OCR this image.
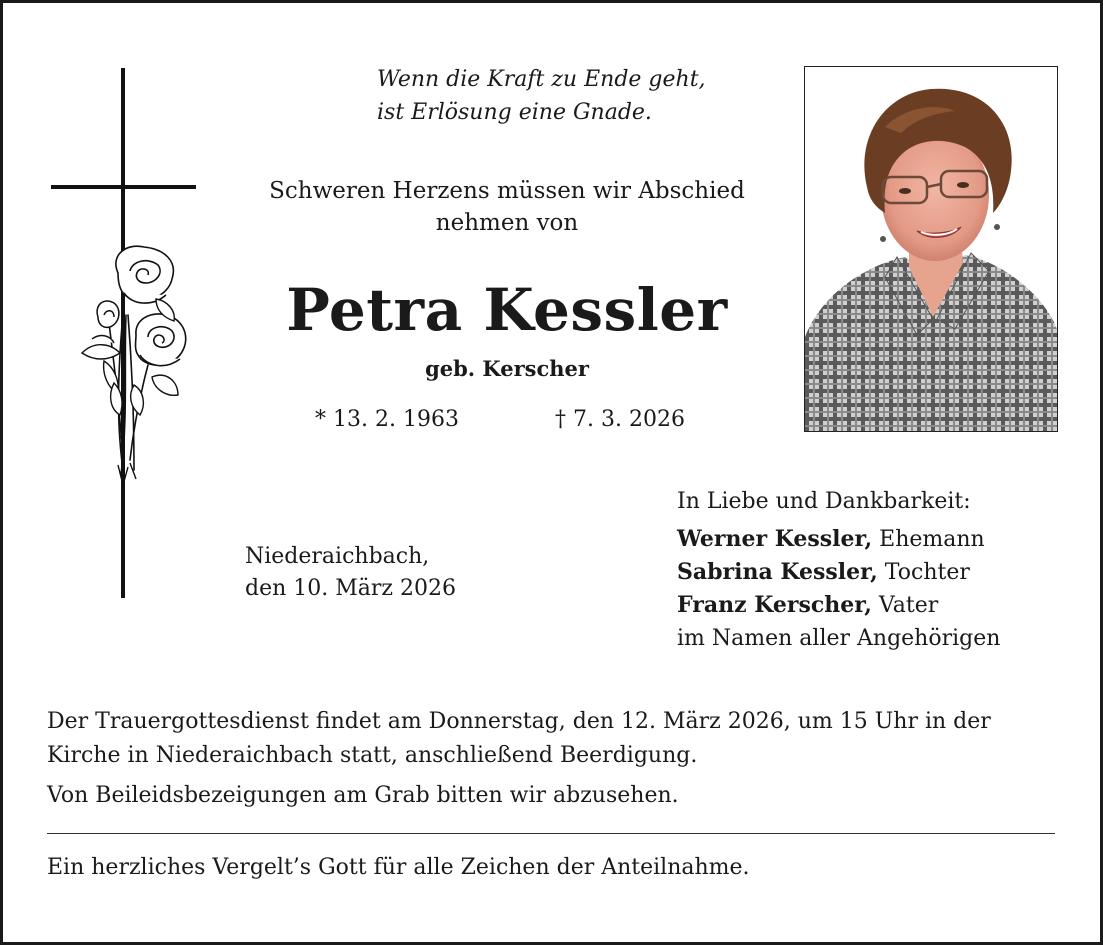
Wenn die Kraft zu Ende geht,
ist Erlösung eine Gnade.
Schweren Herzens müssen wir Abschied
nehmen von
Petra Kessler
geb. Kerscher
* 13. 2. 1963	† 7. 3. 2026
Niederaichbach,
den 10. März 2026
In Liebe und Dankbarkeit:
Werner Kessler, Ehemann
Sabrina Kessler, Tochter
Franz Kerscher, Vater
im Namen aller Angehörigen

Der Trauergottesdienst findet am Donnerstag, den 12. März 2026, um 15 Uhr in der Kirche in Niederaichbach statt, anschließend Beerdigung.

Von Beileidsbezeigungen am Grab bitten wir abzusehen.

Ein herzliches Vergelt’s Gott für alle Zeichen der Anteilnahme.
